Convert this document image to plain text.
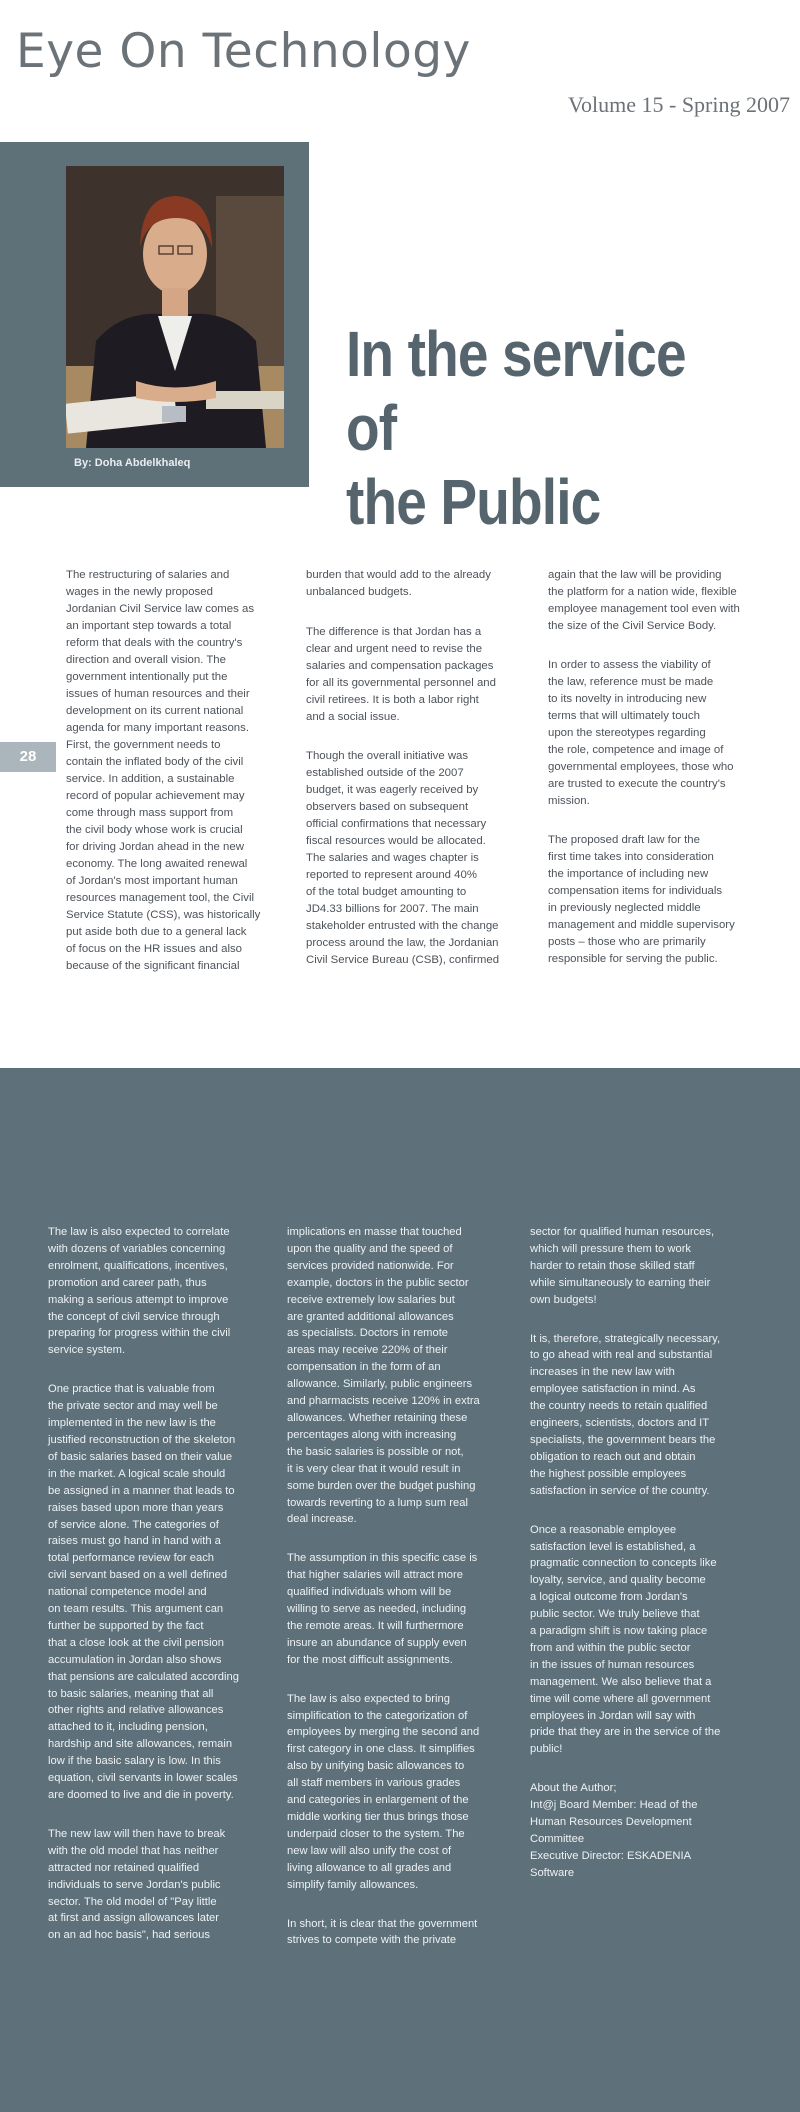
Eye On Technology
Volume 15 - Spring 2007
By: Doha Abdelkhaleq
In the service of
the Public
28

The restructuring of salaries and
wages in the newly proposed
Jordanian Civil Service law comes as
an important step towards a total
reform that deals with the country's
direction and overall vision. The
government intentionally put the
issues of human resources and their
development on its current national
agenda for many important reasons.
First, the government needs to
contain the inflated body of the civil
service. In addition, a sustainable
record of popular achievement may
come through mass support from
the civil body whose work is crucial
for driving Jordan ahead in the new
economy. The long awaited renewal
of Jordan's most important human
resources management tool, the Civil
Service Statute (CSS), was historically
put aside both due to a general lack
of focus on the HR issues and also
because of the significant financial

burden that would add to the already
unbalanced budgets.

The difference is that Jordan has a
clear and urgent need to revise the
salaries and compensation packages
for all its governmental personnel and
civil retirees. It is both a labor right
and a social issue.

Though the overall initiative was
established outside of the 2007
budget, it was eagerly received by
observers based on subsequent
official confirmations that necessary
fiscal resources would be allocated.
The salaries and wages chapter is
reported to represent around 40%
of the total budget amounting to
JD4.33 billions for 2007. The main
stakeholder entrusted with the change
process around the law, the Jordanian
Civil Service Bureau (CSB), confirmed

again that the law will be providing
the platform for a nation wide, flexible
employee management tool even with
the size of the Civil Service Body.

In order to assess the viability of
the law, reference must be made
to its novelty in introducing new
terms that will ultimately touch
upon the stereotypes regarding
the role, competence and image of
governmental employees, those who
are trusted to execute the country's
mission.

The proposed draft law for the
first time takes into consideration
the importance of including new
compensation items for individuals
in previously neglected middle
management and middle supervisory
posts – those who are primarily
responsible for serving the public.

The law is also expected to correlate
with dozens of variables concerning
enrolment, qualifications, incentives,
promotion and career path, thus
making a serious attempt to improve
the concept of civil service through
preparing for progress within the civil
service system.

One practice that is valuable from
the private sector and may well be
implemented in the new law is the
justified reconstruction of the skeleton
of basic salaries based on their value
in the market. A logical scale should
be assigned in a manner that leads to
raises based upon more than years
of service alone. The categories of
raises must go hand in hand with a
total performance review for each
civil servant based on a well defined
national competence model and
on team results. This argument can
further be supported by the fact
that a close look at the civil pension
accumulation in Jordan also shows
that pensions are calculated according
to basic salaries, meaning that all
other rights and relative allowances
attached to it, including pension,
hardship and site allowances, remain
low if the basic salary is low. In this
equation, civil servants in lower scales
are doomed to live and die in poverty.

The new law will then have to break
with the old model that has neither
attracted nor retained qualified
individuals to serve Jordan's public
sector. The old model of "Pay little
at first and assign allowances later
on an ad hoc basis", had serious

implications en masse that touched
upon the quality and the speed of
services provided nationwide. For
example, doctors in the public sector
receive extremely low salaries but
are granted additional allowances
as specialists. Doctors in remote
areas may receive 220% of their
compensation in the form of an
allowance. Similarly, public engineers
and pharmacists receive 120% in extra
allowances. Whether retaining these
percentages along with increasing
the basic salaries is possible or not,
it is very clear that it would result in
some burden over the budget pushing
towards reverting to a lump sum real
deal increase.

The assumption in this specific case is
that higher salaries will attract more
qualified individuals whom will be
willing to serve as needed, including
the remote areas. It will furthermore
insure an abundance of supply even
for the most difficult assignments.

The law is also expected to bring
simplification to the categorization of
employees by merging the second and
first category in one class. It simplifies
also by unifying basic allowances to
all staff members in various grades
and categories in enlargement of the
middle working tier thus brings those
underpaid closer to the system. The
new law will also unify the cost of
living allowance to all grades and
simplify family allowances.

In short, it is clear that the government
strives to compete with the private

sector for qualified human resources,
which will pressure them to work
harder to retain those skilled staff
while simultaneously to earning their
own budgets!

It is, therefore, strategically necessary,
to go ahead with real and substantial
increases in the new law with
employee satisfaction in mind. As
the country needs to retain qualified
engineers, scientists, doctors and IT
specialists, the government bears the
obligation to reach out and obtain
the highest possible employees
satisfaction in service of the country.

Once a reasonable employee
satisfaction level is established, a
pragmatic connection to concepts like
loyalty, service, and quality become
a logical outcome from Jordan's
public sector. We truly believe that
a paradigm shift is now taking place
from and within the public sector
in the issues of human resources
management. We also believe that a
time will come where all government
employees in Jordan will say with
pride that they are in the service of the
public!

About the Author;
Int@j Board Member: Head of the
Human Resources Development
Committee
Executive Director: ESKADENIA
Software
